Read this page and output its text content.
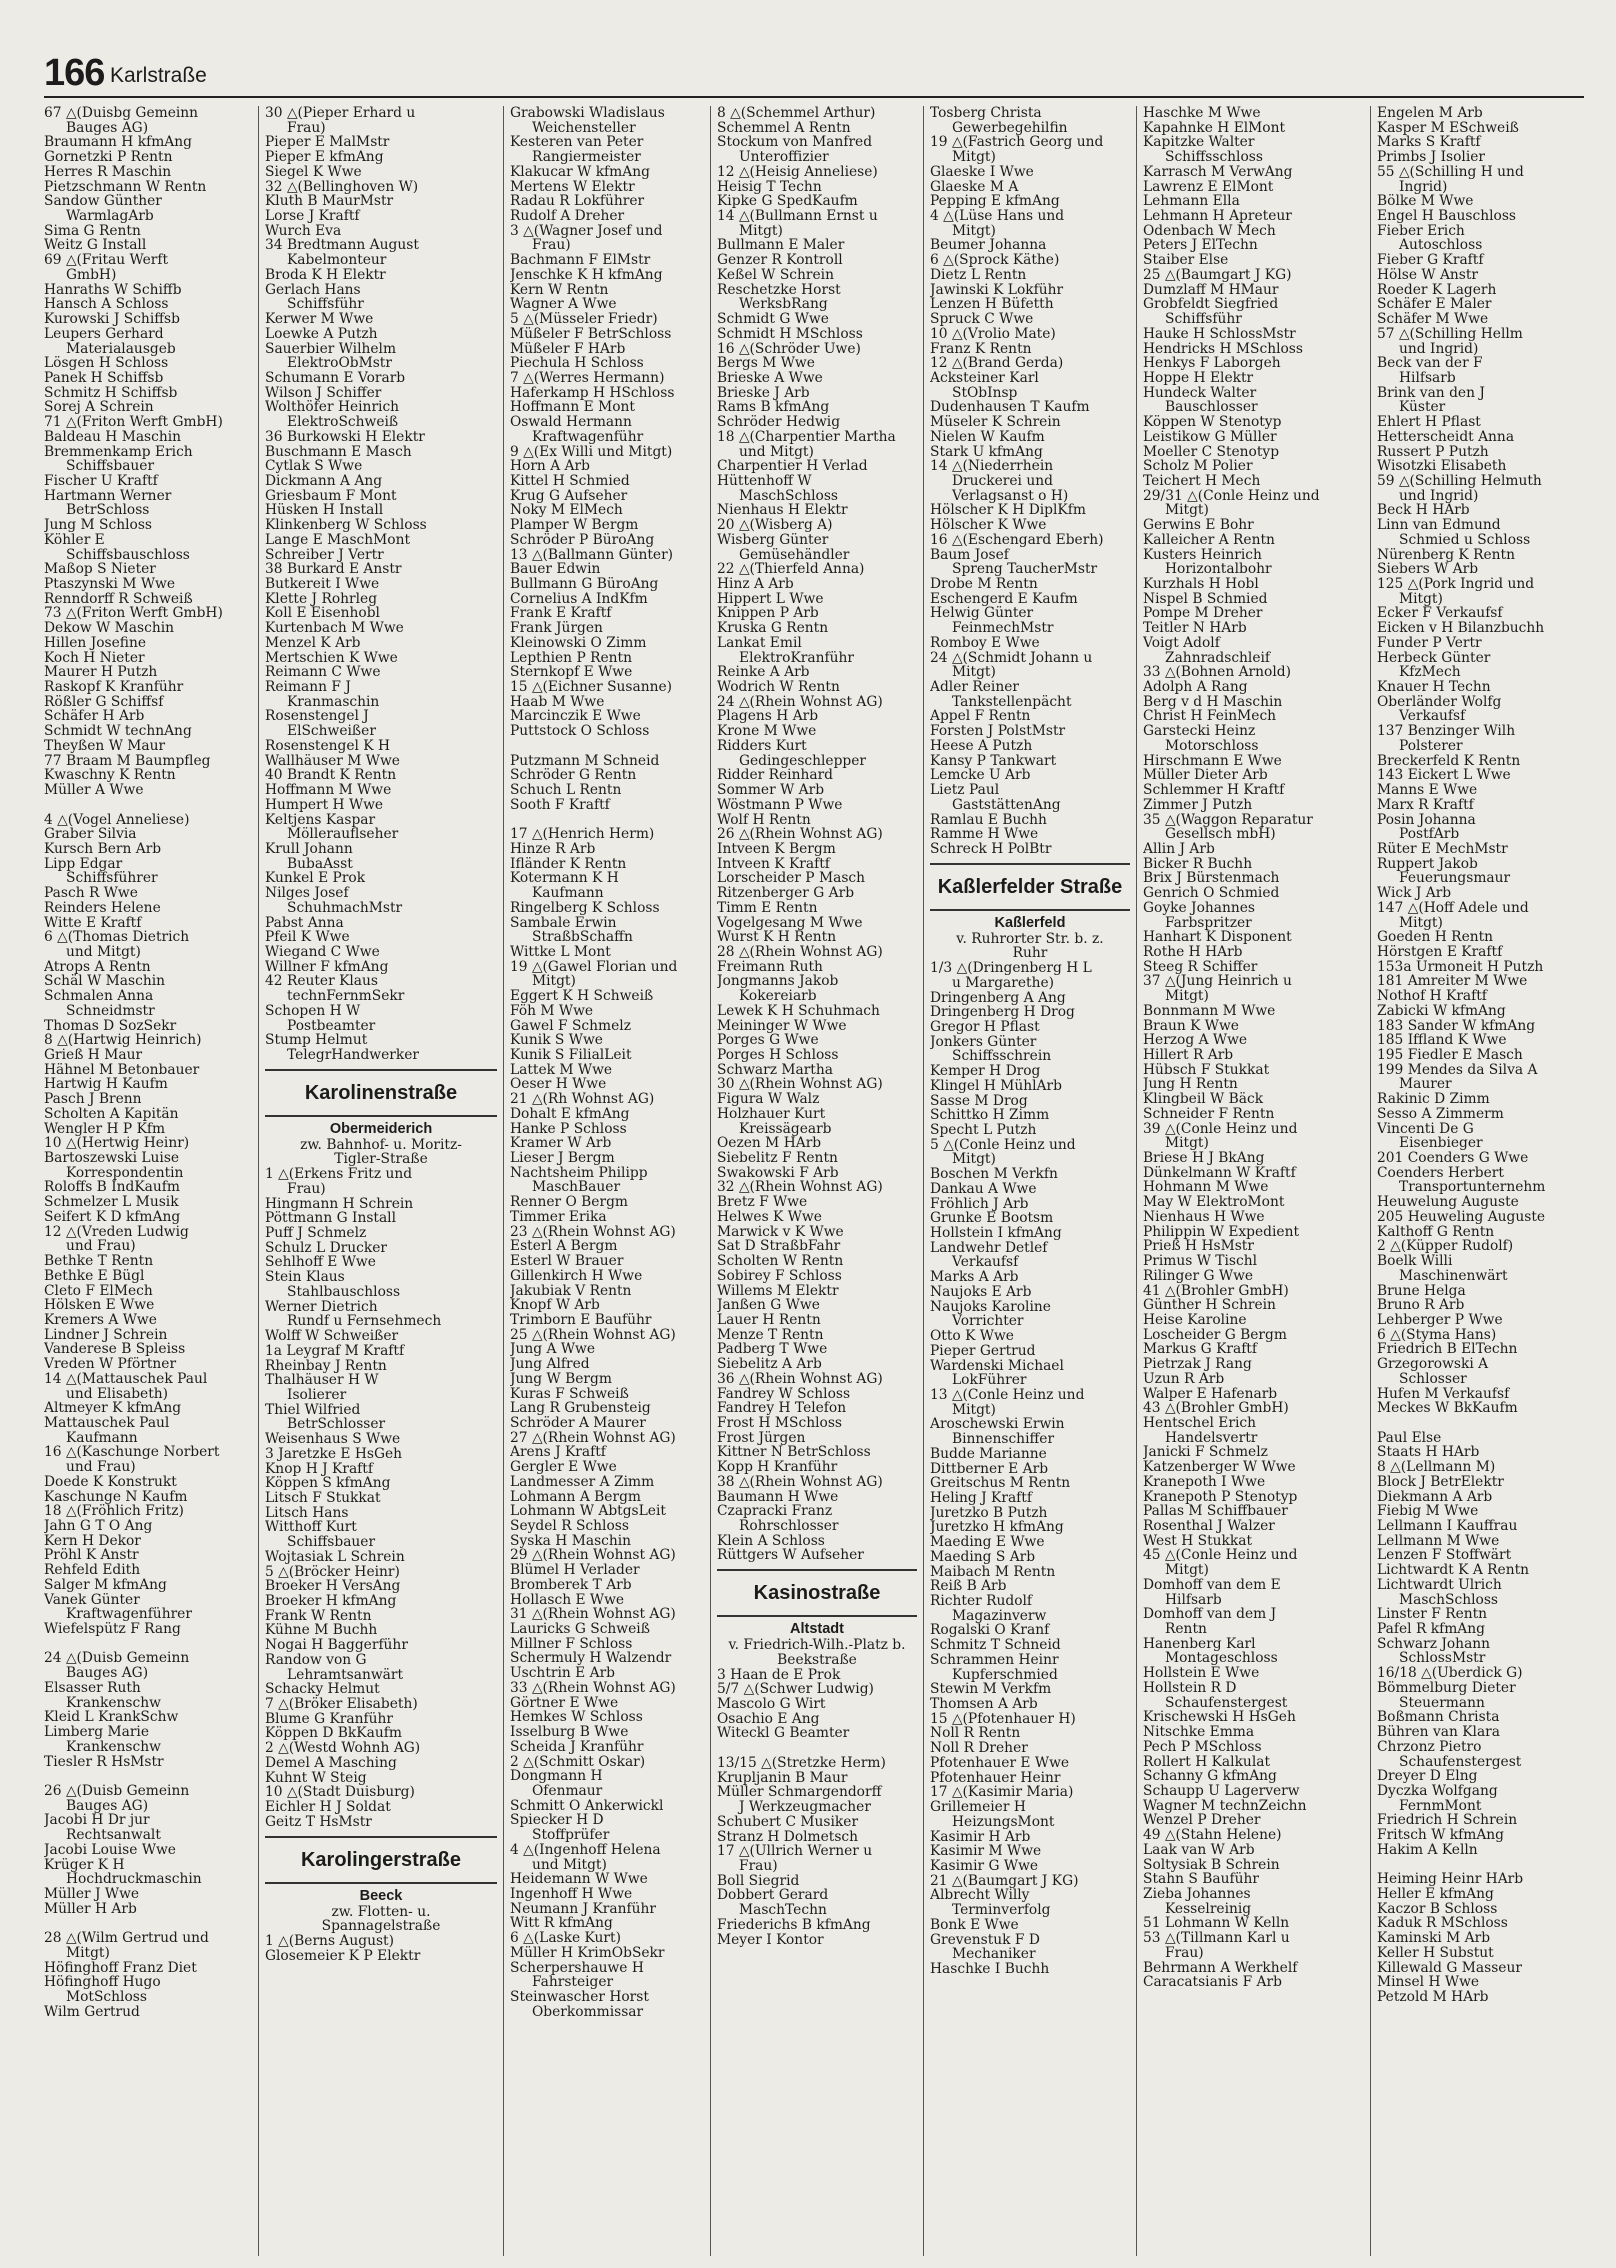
166 Karlstraße
67 △(Duisbg Gemeinn
Bauges AG)
Braumann H kfmAng
Gornetzki P Rentn
Herres R Maschin
Pietzschmann W Rentn
Sandow Günther
WarmlagArb
Sima G Rentn
Weitz G Install
69 △(Fritau Werft
GmbH)
Hanraths W Schiffb
Hansch A Schloss
Kurowski J Schiffsb
Leupers Gerhard
Materialausgeb
Lösgen H Schloss
Panek H Schiffsb
Schmitz H Schiffsb
Sorej A Schrein
71 △(Friton Werft GmbH)
Baldeau H Maschin
Bremmenkamp Erich
Schiffsbauer
Fischer U Kraftf
Hartmann Werner
BetrSchloss
Jung M Schloss
Köhler E
Schiffsbauschloss
Maßop S Nieter
Ptaszynski M Wwe
Renndorff R Schweiß
73 △(Friton Werft GmbH)
Dekow W Maschin
Hillen Josefine
Koch H Nieter
Maurer H Putzh
Raskopf K Kranführ
Rößler G Schiffsf
Schäfer H Arb
Schmidt W technAng
Theyßen W Maur
77 Braam M Baumpfleg
Kwaschny K Rentn
Müller A Wwe
4 △(Vogel Anneliese)
Graber Silvia
Kursch Bern Arb
Lipp Edgar
Schiffsführer
Pasch R Wwe
Reinders Helene
Witte E Kraftf
6 △(Thomas Dietrich
und Mitgt)
Atrops A Rentn
Schäl W Maschin
Schmalen Anna
Schneidmstr
Thomas D SozSekr
8 △(Hartwig Heinrich)
Grieß H Maur
Hähnel M Betonbauer
Hartwig H Kaufm
Pasch J Brenn
Scholten A Kapitän
Wengler H P Kfm
10 △(Hertwig Heinr)
Bartoszewski Luise
Korrespondentin
Roloffs B IndKaufm
Schmelzer L Musik
Seifert K D kfmAng
12 △(Vreden Ludwig
und Frau)
Bethke T Rentn
Bethke E Bügl
Cleto F ElMech
Hölsken E Wwe
Kremers A Wwe
Lindner J Schrein
Vanderese B Spleiss
Vreden W Pförtner
14 △(Mattauschek Paul
und Elisabeth)
Altmeyer K kfmAng
Mattauschek Paul
Kaufmann
16 △(Kaschunge Norbert
und Frau)
Doede K Konstrukt
Kaschunge N Kaufm
18 △(Fröhlich Fritz)
Jahn G T O Ang
Kern H Dekor
Pröhl K Anstr
Rehfeld Edith
Salger M kfmAng
Vanek Günter
Kraftwagenführer
Wiefelspütz F Rang
24 △(Duisb Gemeinn
Bauges AG)
Elsasser Ruth
Krankenschw
Kleid L KrankSchw
Limberg Marie
Krankenschw
Tiesler R HsMstr
26 △(Duisb Gemeinn
Bauges AG)
Jacobi H Dr jur
Rechtsanwalt
Jacobi Louise Wwe
Krüger K H
Hochdruckmaschin
Müller J Wwe
Müller H Arb
28 △(Wilm Gertrud und
Mitgt)
Höfinghoff Franz Diet
Höfinghoff Hugo
MotSchloss
Wilm Gertrud
30 △(Pieper Erhard u
Frau)
Pieper E MalMstr
Pieper E kfmAng
Siegel K Wwe
32 △(Bellinghoven W)
Kluth B MaurMstr
Lorse J Kraftf
Wurch Eva
34 Bredtmann August
Kabelmonteur
Broda K H Elektr
Gerlach Hans
Schiffsführ
Kerwer M Wwe
Loewke A Putzh
Sauerbier Wilhelm
ElektroObMstr
Schumann E Vorarb
Wilson J Schiffer
Wolthöfer Heinrich
ElektroSchweiß
36 Burkowski H Elektr
Buschmann E Masch
Cytlak S Wwe
Dickmann A Ang
Griesbaum F Mont
Hüsken H Install
Klinkenberg W Schloss
Lange E MaschMont
Schreiber J Vertr
38 Burkard E Anstr
Butkereit I Wwe
Klette J Rohrleg
Koll E Eisenhobl
Kurtenbach M Wwe
Menzel K Arb
Mertschien K Wwe
Reimann C Wwe
Reimann F J
Kranmaschin
Rosenstengel J
ElSchweißer
Rosenstengel K H
Wallhäuser M Wwe
40 Brandt K Rentn
Hoffmann M Wwe
Humpert H Wwe
Keltjens Kaspar
Möllerauflseher
Krull Johann
BubaAsst
Kunkel E Prok
Nilges Josef
SchuhmachMstr
Pabst Anna
Pfeil K Wwe
Wiegand C Wwe
Willner F kfmAng
42 Reuter Klaus
technFernmSekr
Schopen H W
Postbeamter
Stump Helmut
TelegrHandwerker
Karolinenstraße
Obermeiderich
zw. Bahnhof- u. Moritz-
Tigler-Straße
1 △(Erkens Fritz und
Frau)
Hingmann H Schrein
Pöttmann G Install
Puff J Schmelz
Schulz L Drucker
Sehlhoff E Wwe
Stein Klaus
Stahlbauschloss
Werner Dietrich
Rundf u Fernsehmech
Wolff W Schweißer
1a Leygraf M Kraftf
Rheinbay J Rentn
Thalhäuser H W
Isolierer
Thiel Wilfried
BetrSchlosser
Weisenhaus S Wwe
3 Jaretzke E HsGeh
Knop H J Kraftf
Köppen S kfmAng
Litsch F Stukkat
Litsch Hans
Witthoff Kurt
Schiffsbauer
Wojtasiak L Schrein
5 △(Bröcker Heinr)
Broeker H VersAng
Broeker H kfmAng
Frank W Rentn
Kühne M Buchh
Nogai H Baggerführ
Randow von G
Lehramtsanwärt
Schacky Helmut
7 △(Bröker Elisabeth)
Blume G Kranführ
Köppen D BkKaufm
2 △(Westd Wohnh AG)
Demel A Masching
Kuhnt W Steig
10 △(Stadt Duisburg)
Eichler H J Soldat
Geitz T HsMstr
Karolingerstraße
Beeck
zw. Flotten- u.
Spannagelstraße
1 △(Berns August)
Glosemeier K P Elektr
Grabowski Wladislaus
Weichensteller
Kesteren van Peter
Rangiermeister
Klakucar W kfmAng
Mertens W Elektr
Radau R Lokführer
Rudolf A Dreher
3 △(Wagner Josef und
Frau)
Bachmann F ElMstr
Jenschke K H kfmAng
Kern W Rentn
Wagner A Wwe
5 △(Müsseler Friedr)
Müßeler F BetrSchloss
Müßeler F HArb
Piechula H Schloss
7 △(Werres Hermann)
Haferkamp H HSchloss
Hoffmann E Mont
Oswald Hermann
Kraftwagenführ
9 △(Ex Willi und Mitgt)
Horn A Arb
Kittel H Schmied
Krug G Aufseher
Noky M ElMech
Plamper W Bergm
Schröder P BüroAng
13 △(Ballmann Günter)
Bauer Edwin
Bullmann G BüroAng
Cornelius A IndKfm
Frank E Kraftf
Frank Jürgen
Kleinowski O Zimm
Lepthien P Rentn
Sternkopf E Wwe
15 △(Eichner Susanne)
Haab M Wwe
Marcinczik E Wwe
Puttstock O Schloss
Putzmann M Schneid
Schröder G Rentn
Schuch L Rentn
Sooth F Kraftf
17 △(Henrich Herm)
Hinze R Arb
Ifländer K Rentn
Kotermann K H
Kaufmann
Ringelberg K Schloss
Sambale Erwin
StraßbSchaffn
Wittke L Mont
19 △(Gawel Florian und
Mitgt)
Eggert K H Schweiß
Föh M Wwe
Gawel F Schmelz
Kunik S Wwe
Kunik S FilialLeit
Lattek M Wwe
Oeser H Wwe
21 △(Rh Wohnst AG)
Dohalt E kfmAng
Hanke P Schloss
Kramer W Arb
Lieser J Bergm
Nachtsheim Philipp
MaschBauer
Renner O Bergm
Timmer Erika
23 △(Rhein Wohnst AG)
Esterl A Bergm
Esterl W Brauer
Gillenkirch H Wwe
Jakubiak V Rentn
Knopf W Arb
Trimborn E Bauführ
25 △(Rhein Wohnst AG)
Jung A Wwe
Jung Alfred
Jung W Bergm
Kuras F Schweiß
Lang R Grubensteig
Schröder A Maurer
27 △(Rhein Wohnst AG)
Arens J Kraftf
Gergler E Wwe
Landmesser A Zimm
Lohmann A Bergm
Lohmann W AbtgsLeit
Seydel R Schloss
Syska H Maschin
29 △(Rhein Wohnst AG)
Blümel H Verlader
Bromberek T Arb
Hollasch E Wwe
31 △(Rhein Wohnst AG)
Lauricks G Schweiß
Millner F Schloss
Schermuly H Walzendr
Uschtrin E Arb
33 △(Rhein Wohnst AG)
Görtner E Wwe
Hemkes W Schloss
Isselburg B Wwe
Scheida J Kranführ
2 △(Schmitt Oskar)
Dongmann H
Ofenmaur
Schmitt O Ankerwickl
Spiecker H D
Stoffprüfer
4 △(Ingenhoff Helena
und Mitgt)
Heidemann W Wwe
Ingenhoff H Wwe
Neumann J Kranführ
Witt R kfmAng
6 △(Laske Kurt)
Müller H KrimObSekr
Scherpershauwe H
Fahrsteiger
Steinwascher Horst
Oberkommissar
8 △(Schemmel Arthur)
Schemmel A Rentn
Stockum von Manfred
Unteroffizier
12 △(Heisig Anneliese)
Heisig T Techn
Kipke G SpedKaufm
14 △(Bullmann Ernst u
Mitgt)
Bullmann E Maler
Genzer R Kontroll
Keßel W Schrein
Reschetzke Horst
WerksbRang
Schmidt G Wwe
Schmidt H MSchloss
16 △(Schröder Uwe)
Bergs M Wwe
Brieske A Wwe
Brieske J Arb
Rams B kfmAng
Schröder Hedwig
18 △(Charpentier Martha
und Mitgt)
Charpentier H Verlad
Hüttenhoff W
MaschSchloss
Nienhaus H Elektr
20 △(Wisberg A)
Wisberg Günter
Gemüsehändler
22 △(Thierfeld Anna)
Hinz A Arb
Hippert L Wwe
Knippen P Arb
Kruska G Rentn
Lankat Emil
ElektroKranführ
Reinke A Arb
Wodrich W Rentn
24 △(Rhein Wohnst AG)
Plagens H Arb
Krone M Wwe
Ridders Kurt
Gedingeschlepper
Ridder Reinhard
Sommer W Arb
Wöstmann P Wwe
Wolf H Rentn
26 △(Rhein Wohnst AG)
Intveen K Bergm
Intveen K Kraftf
Lorscheider P Masch
Ritzenberger G Arb
Timm E Rentn
Vogelgesang M Wwe
Wurst K H Rentn
28 △(Rhein Wohnst AG)
Freimann Ruth
Jongmanns Jakob
Kokereiarb
Lewek K H Schuhmach
Meininger W Wwe
Porges G Wwe
Porges H Schloss
Schwarz Martha
30 △(Rhein Wohnst AG)
Figura W Walz
Holzhauer Kurt
Kreissägearb
Oezen M HArb
Siebelitz F Rentn
Swakowski F Arb
32 △(Rhein Wohnst AG)
Bretz F Wwe
Helwes K Wwe
Marwick v K Wwe
Sat D StraßbFahr
Scholten W Rentn
Sobirey F Schloss
Willems M Elektr
Janßen G Wwe
Lauer H Rentn
Menze T Rentn
Padberg T Wwe
Siebelitz A Arb
36 △(Rhein Wohnst AG)
Fandrey W Schloss
Fandrey H Telefon
Frost H MSchloss
Frost Jürgen
Kittner N BetrSchloss
Kopp H Kranführ
38 △(Rhein Wohnst AG)
Baumann H Wwe
Czapracki Franz
Rohrschlosser
Klein A Schloss
Rüttgers W Aufseher
Kasinostraße
Altstadt
v. Friedrich-Wilh.-Platz b.
Beekstraße
3 Haan de E Prok
5/7 △(Schwer Ludwig)
Mascolo G Wirt
Osachio E Ang
Witeckl G Beamter
13/15 △(Stretzke Herm)
Krupljanin B Maur
Müller Schmargendorff
J Werkzeugmacher
Schubert C Musiker
Stranz H Dolmetsch
17 △(Ullrich Werner u
Frau)
Boll Siegrid
Dobbert Gerard
MaschTechn
Friederichs B kfmAng
Meyer I Kontor
Tosberg Christa
Gewerbegehilfin
19 △(Fastrich Georg und
Mitgt)
Glaeske I Wwe
Glaeske M A
Pepping E kfmAng
4 △(Lüse Hans und
Mitgt)
Beumer Johanna
6 △(Sprock Käthe)
Dietz L Rentn
Jawinski K Lokführ
Lenzen H Büfetth
Spruck C Wwe
10 △(Vrolio Mate)
Franz K Rentn
12 △(Brand Gerda)
Acksteiner Karl
StObInsp
Dudenhausen T Kaufm
Müseler K Schrein
Nielen W Kaufm
Stark U kfmAng
14 △(Niederrhein
Druckerei und
Verlagsanst o H)
Hölscher K H DiplKfm
Hölscher K Wwe
16 △(Eschengard Eberh)
Baum Josef
Spreng TaucherMstr
Drobe M Rentn
Eschengerd E Kaufm
Helwig Günter
FeinmechMstr
Romboy E Wwe
24 △(Schmidt Johann u
Mitgt)
Adler Reiner
Tankstellenpächt
Appel F Rentn
Forsten J PolstMstr
Heese A Putzh
Kansy P Tankwart
Lemcke U Arb
Lietz Paul
GaststättenAng
Ramlau E Buchh
Ramme H Wwe
Schreck H PolBtr
Kaßlerfelder Straße
Kaßlerfeld
v. Ruhrorter Str. b. z.
Ruhr
1/3 △(Dringenberg H L
u Margarethe)
Dringenberg A Ang
Dringenberg H Drog
Gregor H Pflast
Jonkers Günter
Schiffsschrein
Kemper H Drog
Klingel H MühlArb
Sasse M Drog
Schittko H Zimm
Specht L Putzh
5 △(Conle Heinz und
Mitgt)
Boschen M Verkfn
Dankau A Wwe
Fröhlich J Arb
Grunke E Bootsm
Hollstein I kfmAng
Landwehr Detlef
Verkaufsf
Marks A Arb
Naujoks E Arb
Naujoks Karoline
Vorrichter
Otto K Wwe
Pieper Gertrud
Wardenski Michael
LokFührer
13 △(Conle Heinz und
Mitgt)
Aroschewski Erwin
Binnenschiffer
Budde Marianne
Dittberner E Arb
Greitschus M Rentn
Heling J Kraftf
Juretzko B Putzh
Juretzko H kfmAng
Maeding E Wwe
Maeding S Arb
Maibach M Rentn
Reiß B Arb
Richter Rudolf
Magazinverw
Rogalski O Kranf
Schmitz T Schneid
Schrammen Heinr
Kupferschmied
Stewin M Verkfm
Thomsen A Arb
15 △(Pfotenhauer H)
Noll R Rentn
Noll R Dreher
Pfotenhauer E Wwe
Pfotenhauer Heinr
17 △(Kasimir Maria)
Grillemeier H
HeizungsMont
Kasimir H Arb
Kasimir M Wwe
Kasimir G Wwe
21 △(Baumgart J KG)
Albrecht Willy
Terminverfolg
Bonk E Wwe
Grevenstuk F D
Mechaniker
Haschke I Buchh
Haschke M Wwe
Kapahnke H ElMont
Kapitzke Walter
Schiffsschloss
Karrasch M VerwAng
Lawrenz E ElMont
Lehmann Ella
Lehmann H Apreteur
Odenbach W Mech
Peters J ElTechn
Staiber Else
25 △(Baumgart J KG)
Dumzlaff M HMaur
Grobfeldt Siegfried
Schiffsführ
Hauke H SchlossMstr
Hendricks H MSchloss
Henkys F Laborgeh
Hoppe H Elektr
Hundeck Walter
Bauschlosser
Köppen W Stenotyp
Leistikow G Müller
Moeller C Stenotyp
Scholz M Polier
Teichert H Mech
29/31 △(Conle Heinz und
Mitgt)
Gerwins E Bohr
Kalleicher A Rentn
Kusters Heinrich
Horizontalbohr
Kurzhals H Hobl
Nispel B Schmied
Pompe M Dreher
Teitler N HArb
Voigt Adolf
Zahnradschleif
33 △(Bohnen Arnold)
Adolph A Rang
Berg v d H Maschin
Christ H FeinMech
Garstecki Heinz
Motorschloss
Hirschmann E Wwe
Müller Dieter Arb
Schlemmer H Kraftf
Zimmer J Putzh
35 △(Waggon Reparatur
Gesellsch mbH)
Allin J Arb
Bicker R Buchh
Brix J Bürstenmach
Genrich O Schmied
Goyke Johannes
Farbspritzer
Hanhart K Disponent
Rothe H HArb
Steeg R Schiffer
37 △(Jung Heinrich u
Mitgt)
Bonnmann M Wwe
Braun K Wwe
Herzog A Wwe
Hillert R Arb
Hübsch F Stukkat
Jung H Rentn
Klingbeil W Bäck
Schneider F Rentn
39 △(Conle Heinz und
Mitgt)
Briese H J BkAng
Dünkelmann W Kraftf
Hohmann M Wwe
May W ElektroMont
Nienhaus H Wwe
Philippin W Expedient
Prieß H HsMstr
Primus W Tischl
Rilinger G Wwe
41 △(Brohler GmbH)
Günther H Schrein
Heise Karoline
Loscheider G Bergm
Markus G Kraftf
Pietrzak J Rang
Uzun R Arb
Walper E Hafenarb
43 △(Brohler GmbH)
Hentschel Erich
Handelsvertr
Janicki F Schmelz
Katzenberger W Wwe
Kranepoth I Wwe
Kranepoth P Stenotyp
Pallas M Schiffbauer
Rosenthal J Walzer
West H Stukkat
45 △(Conle Heinz und
Mitgt)
Domhoff van dem E
Hilfsarb
Domhoff van dem J
Rentn
Hanenberg Karl
Montageschloss
Hollstein E Wwe
Hollstein R D
Schaufenstergest
Krischewski H HsGeh
Nitschke Emma
Pech P MSchloss
Rollert H Kalkulat
Schanny G kfmAng
Schaupp U Lagerverw
Wagner M technZeichn
Wenzel P Dreher
49 △(Stahn Helene)
Laak van W Arb
Soltysiak B Schrein
Stahn S Bauführ
Zieba Johannes
Kesselreinig
51 Lohmann W Kelln
53 △(Tillmann Karl u
Frau)
Behrmann A Werkhelf
Caracatsianis F Arb
Engelen M Arb
Kasper M ESchweiß
Marks S Kraftf
Primbs J Isolier
55 △(Schilling H und
Ingrid)
Bölke M Wwe
Engel H Bauschloss
Fieber Erich
Autoschloss
Fieber G Kraftf
Hölse W Anstr
Roeder K Lagerh
Schäfer E Maler
Schäfer M Wwe
57 △(Schilling Hellm
und Ingrid)
Beck van der F
Hilfsarb
Brink van den J
Küster
Ehlert H Pflast
Hetterscheidt Anna
Russert P Putzh
Wisotzki Elisabeth
59 △(Schilling Helmuth
und Ingrid)
Beck H HArb
Linn van Edmund
Schmied u Schloss
Nürenberg K Rentn
Siebers W Arb
125 △(Pork Ingrid und
Mitgt)
Ecker F Verkaufsf
Eicken v H Bilanzbuchh
Funder P Vertr
Herbeck Günter
KfzMech
Knauer H Techn
Oberländer Wolfg
Verkaufsf
137 Benzinger Wilh
Polsterer
Breckerfeld K Rentn
143 Eickert L Wwe
Manns E Wwe
Marx R Kraftf
Posin Johanna
PostfArb
Rüter E MechMstr
Ruppert Jakob
Feuerungsmaur
Wick J Arb
147 △(Hoff Adele und
Mitgt)
Goeden H Rentn
Hörstgen E Kraftf
153a Urmoneit H Putzh
181 Amreiter M Wwe
Nothof H Kraftf
Zabicki W kfmAng
183 Sander W kfmAng
185 Iffland K Wwe
195 Fiedler E Masch
199 Mendes da Silva A
Maurer
Rakinic D Zimm
Sesso A Zimmerm
Vincenti De G
Eisenbieger
201 Coenders G Wwe
Coenders Herbert
Transportunternehm
Heuwelung Auguste
205 Heuweling Auguste
Kalthoff G Rentn
2 △(Küpper Rudolf)
Boelk Willi
Maschinenwärt
Brune Helga
Bruno R Arb
Lehberger P Wwe
6 △(Styma Hans)
Friedrich B ElTechn
Grzegorowski A
Schlosser
Hufen M Verkaufsf
Meckes W BkKaufm
Paul Else
Staats H HArb
8 △(Lellmann M)
Block J BetrElektr
Diekmann A Arb
Fiebig M Wwe
Lellmann I Kauffrau
Lellmann M Wwe
Lenzen F Stoffwärt
Lichtwardt K A Rentn
Lichtwardt Ulrich
MaschSchloss
Linster F Rentn
Pafel R kfmAng
Schwarz Johann
SchlossMstr
16/18 △(Überdick G)
Bömmelburg Dieter
Steuermann
Boßmann Christa
Bühren van Klara
Chrzonz Pietro
Schaufenstergest
Dreyer D Elng
Dyczka Wolfgang
FernmMont
Friedrich H Schrein
Fritsch W kfmAng
Hakim A Kelln
Heiming Heinr HArb
Heller E kfmAng
Kaczor B Schloss
Kaduk R MSchloss
Kaminski M Arb
Keller H Substut
Killewald G Masseur
Minsel H Wwe
Petzold M HArb
